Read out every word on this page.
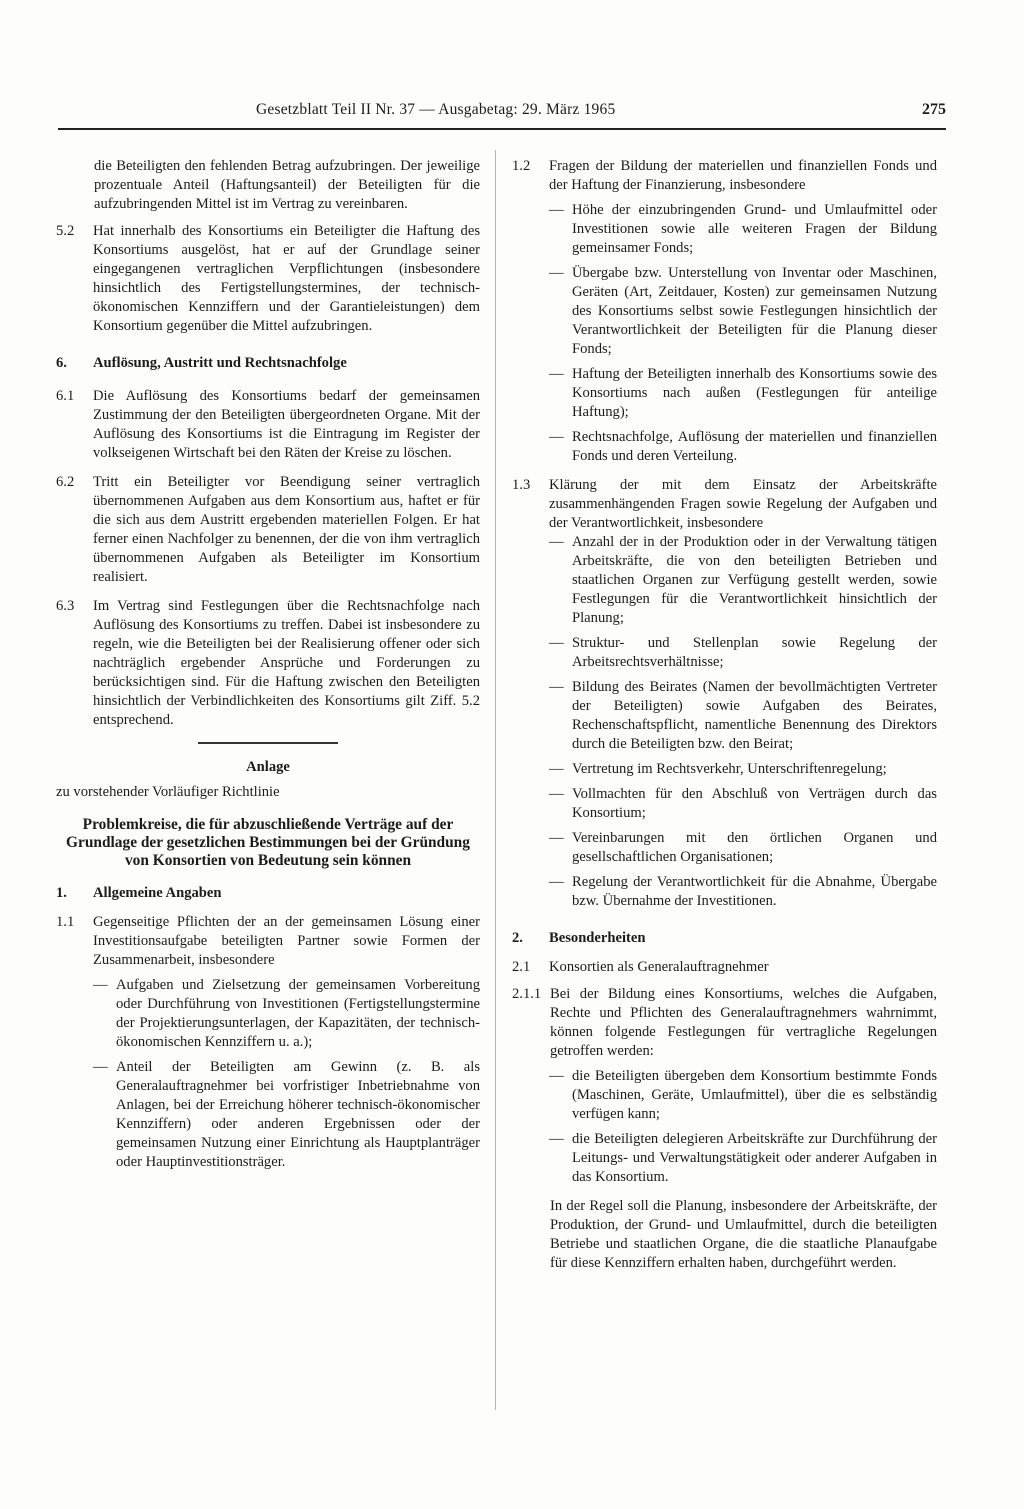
Gesetzblatt Teil II Nr. 37 — Ausgabetag: 29. März 1965	275

die Beteiligten den fehlenden Betrag aufzubringen. Der jeweilige prozentuale Anteil (Haftungsanteil) der Beteiligten für die aufzubringenden Mittel ist im Vertrag zu vereinbaren.

5.2	Hat innerhalb des Konsortiums ein Beteiligter die Haftung des Konsortiums ausgelöst, hat er auf der Grundlage seiner eingegangenen vertraglichen Verpflichtungen (insbesondere hinsichtlich des Fertigstellungstermines, der technisch-ökonomischen Kennziffern und der Garantieleistungen) dem Konsortium gegenüber die Mittel aufzubringen.

6.	Auflösung, Austritt und Rechtsnachfolge
6.1	Die Auflösung des Konsortiums bedarf der gemeinsamen Zustimmung der den Beteiligten übergeordneten Organe. Mit der Auflösung des Konsortiums ist die Eintragung im Register der volkseigenen Wirtschaft bei den Räten der Kreise zu löschen.

6.2	Tritt ein Beteiligter vor Beendigung seiner vertraglich übernommenen Aufgaben aus dem Konsortium aus, haftet er für die sich aus dem Austritt ergebenden materiellen Folgen. Er hat ferner einen Nachfolger zu benennen, der die von ihm vertraglich übernommenen Aufgaben als Beteiligter im Konsortium realisiert.

6.3	Im Vertrag sind Festlegungen über die Rechtsnachfolge nach Auflösung des Konsortiums zu treffen. Dabei ist insbesondere zu regeln, wie die Beteiligten bei der Realisierung offener oder sich nachträglich ergebender Ansprüche und Forderungen zu berücksichtigen sind. Für die Haftung zwischen den Beteiligten hinsichtlich der Verbindlichkeiten des Konsortiums gilt Ziff. 5.2 entsprechend.

Anlage

zu vorstehender Vorläufiger Richtlinie

Problemkreise, die für abzuschließende Verträge auf der Grundlage der gesetzlichen Bestimmungen bei der Gründung von Konsortien von Bedeutung sein können

1.	Allgemeine Angaben
1.1	Gegenseitige Pflichten der an der gemeinsamen Lösung einer Investitionsaufgabe beteiligten Partner sowie Formen der Zusammenarbeit, insbesondere

— Aufgaben und Zielsetzung der gemeinsamen Vorbereitung oder Durchführung von Investitionen (Fertigstellungstermine der Projektierungsunterlagen, der Kapazitäten, der technisch-ökonomischen Kennziffern u. a.);

— Anteil der Beteiligten am Gewinn (z. B. als Generalauftragnehmer bei vorfristiger Inbetriebnahme von Anlagen, bei der Erreichung höherer technisch-ökonomischer Kennziffern) oder anderen Ergebnissen oder der gemeinsamen Nutzung einer Einrichtung als Hauptplanträger oder Hauptinvestitionsträger.

1.2	Fragen der Bildung der materiellen und finanziellen Fonds und der Haftung der Finanzierung, insbesondere

— Höhe der einzubringenden Grund- und Umlaufmittel oder Investitionen sowie alle weiteren Fragen der Bildung gemeinsamer Fonds;

— Übergabe bzw. Unterstellung von Inventar oder Maschinen, Geräten (Art, Zeitdauer, Kosten) zur gemeinsamen Nutzung des Konsortiums selbst sowie Festlegungen hinsichtlich der Verantwortlichkeit der Beteiligten für die Planung dieser Fonds;

— Haftung der Beteiligten innerhalb des Konsortiums sowie des Konsortiums nach außen (Festlegungen für anteilige Haftung);

— Rechtsnachfolge, Auflösung der materiellen und finanziellen Fonds und deren Verteilung.

1.3	Klärung der mit dem Einsatz der Arbeitskräfte zusammenhängenden Fragen sowie Regelung der Aufgaben und der Verantwortlichkeit, insbesondere

— Anzahl der in der Produktion oder in der Verwaltung tätigen Arbeitskräfte, die von den beteiligten Betrieben und staatlichen Organen zur Verfügung gestellt werden, sowie Festlegungen für die Verantwortlichkeit hinsichtlich der Planung;

— Struktur- und Stellenplan sowie Regelung der Arbeitsrechtsverhältnisse;

— Bildung des Beirates (Namen der bevollmächtigten Vertreter der Beteiligten) sowie Aufgaben des Beirates, Rechenschaftspflicht, namentliche Benennung des Direktors durch die Beteiligten bzw. den Beirat;

— Vertretung im Rechtsverkehr, Unterschriftenregelung;

— Vollmachten für den Abschluß von Verträgen durch das Konsortium;

— Vereinbarungen mit den örtlichen Organen und gesellschaftlichen Organisationen;

— Regelung der Verantwortlichkeit für die Abnahme, Übergabe bzw. Übernahme der Investitionen.

2.	Besonderheiten
2.1	Konsortien als Generalauftragnehmer

2.1.1 Bei der Bildung eines Konsortiums, welches die Aufgaben, Rechte und Pflichten des Generalauftragnehmers wahrnimmt, können folgende Festlegungen für vertragliche Regelungen getroffen werden:

— die Beteiligten übergeben dem Konsortium bestimmte Fonds (Maschinen, Geräte, Umlaufmittel), über die es selbständig verfügen kann;

— die Beteiligten delegieren Arbeitskräfte zur Durchführung der Leitungs- und Verwaltungstätigkeit oder anderer Aufgaben in das Konsortium.

In der Regel soll die Planung, insbesondere der Arbeitskräfte, der Produktion, der Grund- und Umlaufmittel, durch die beteiligten Betriebe und staatlichen Organe, die die staatliche Planaufgabe für diese Kennziffern erhalten haben, durchgeführt werden.
